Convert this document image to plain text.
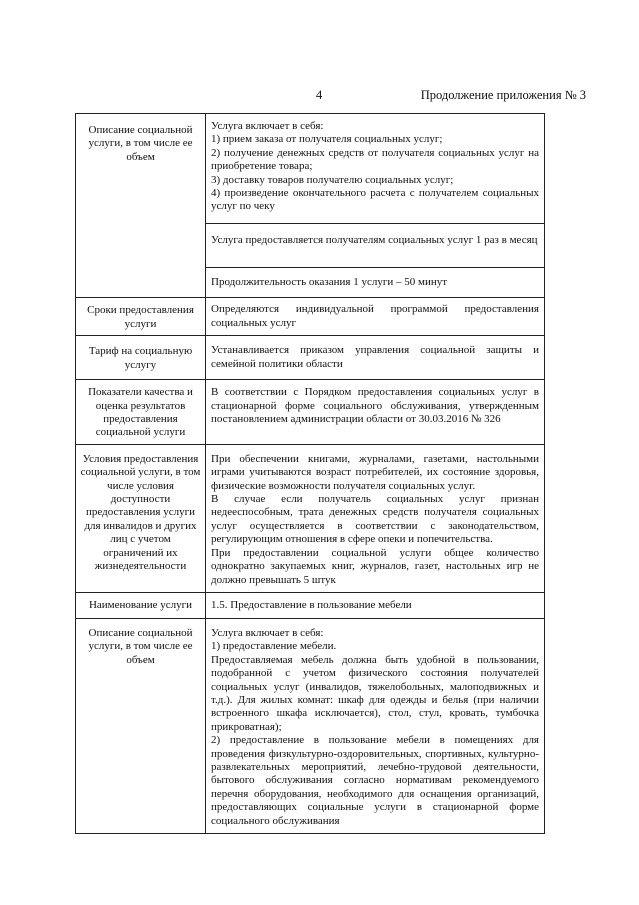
4	Продолжение приложения № 3
Описание социальной услуги, в том числе ее объем	Услуга включает в себя:
1) прием заказа от получателя социальных услуг;
2) получение денежных средств от получателя социальных услуг на приобретение товара;
3) доставку товаров получателю социальных услуг;
4) произведение окончательного расчета с получателем социальных услуг по чеку

	Услуга предоставляется получателям социальных услуг 1 раз в месяц
	Продолжительность оказания 1 услуги – 50 минут
Сроки предоставления услуги	Определяются индивидуальной программой предоставления социальных услуг
Тариф на социальную услугу	Устанавливается приказом управления социальной защиты и семейной политики области
Показатели качества и оценка результатов предоставления социальной услуги	В соответствии с Порядком предоставления социальных услуг в стационарной форме социального обслуживания, утвержденным постановлением администрации области от 30.03.2016 № 326
Условия предоставления социальной услуги, в том числе условия доступности предоставления услуги для инвалидов и других лиц с учетом ограничений их жизнедеятельности	При обеспечении книгами, журналами, газетами, настольными играми учитываются возраст потребителей, их состояние здоровья, физические возможности получателя социальных услуг.
В случае если получатель социальных услуг признан недееспособным, трата денежных средств получателя социальных услуг осуществляется в соответствии с законодательством, регулирующим отношения в сфере опеки и попечительства.
При предоставлении социальной услуги общее количество однократно закупаемых книг, журналов, газет, настольных игр не должно превышать 5 штук

Наименование услуги	1.5. Предоставление в пользование мебели
Описание социальной услуги, в том числе ее объем	Услуга включает в себя:
1) предоставление мебели.
Предоставляемая мебель должна быть удобной в пользовании, подобранной с учетом физического состояния получателей социальных услуг (инвалидов, тяжелобольных, малоподвижных и т.д.). Для жилых комнат: шкаф для одежды и белья (при наличии встроенного шкафа исключается), стол, стул, кровать, тумбочка прикроватная);
2) предоставление в пользование мебели в помещениях для проведения физкультурно-оздоровительных, спортивных, культурно-развлекательных мероприятий, лечебно-трудовой деятельности, бытового обслуживания согласно нормативам рекомендуемого перечня оборудования, необходимого для оснащения организаций, предоставляющих социальные услуги в стационарной форме социального обслуживания
